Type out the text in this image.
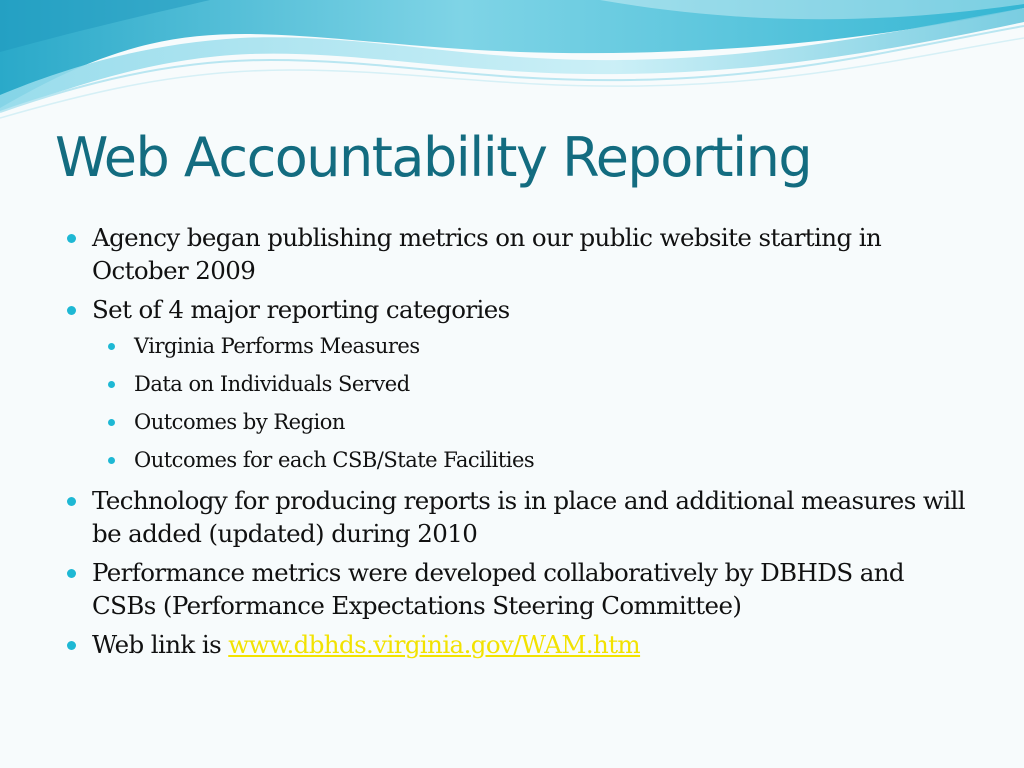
Web Accountability Reporting
Agency began publishing metrics on our public website starting in October 2009
Set of 4 major reporting categories
Virginia Performs Measures
Data on Individuals Served
Outcomes by Region
Outcomes for each CSB/State Facilities
Technology for producing reports is in place and additional measures will be added (updated) during 2010
Performance metrics were developed collaboratively by DBHDS and CSBs (Performance Expectations Steering Committee)
Web link is www.dbhds.virginia.gov/WAM.htm
